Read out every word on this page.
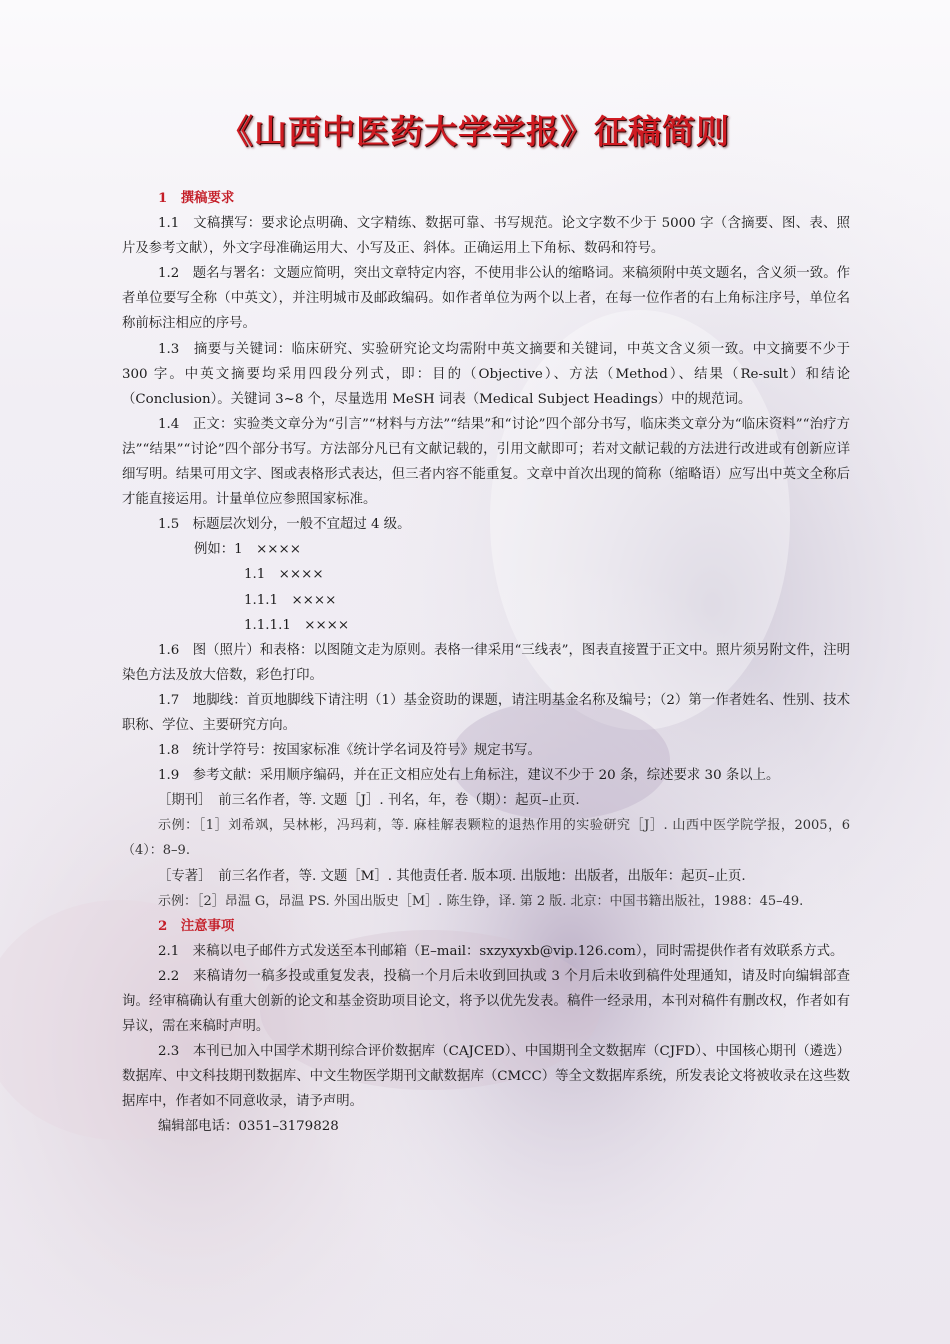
《山西中医药大学学报》征稿简则

1　撰稿要求

1.1　文稿撰写：要求论点明确、文字精练、数据可靠、书写规范。论文字数不少于 5000 字（含摘要、图、表、照片及参考文献），外文字母准确运用大、小写及正、斜体。正确运用上下角标、数码和符号。

1.2　题名与署名：文题应简明，突出文章特定内容，不使用非公认的缩略词。来稿须附中英文题名，含义须一致。作者单位要写全称（中英文），并注明城市及邮政编码。如作者单位为两个以上者，在每一位作者的右上角标注序号，单位名称前标注相应的序号。

1.3　摘要与关键词：临床研究、实验研究论文均需附中英文摘要和关键词，中英文含义须一致。中文摘要不少于 300 字。中英文摘要均采用四段分列式，即：目的（Objective）、方法（Method）、结果（Re-sult）和结论（Conclusion）。关键词 3~8 个，尽量选用 MeSH 词表（Medical Subject Headings）中的规范词。

1.4　正文：实验类文章分为“引言”“材料与方法”“结果”和“讨论”四个部分书写，临床类文章分为“临床资料”“治疗方法”“结果”“讨论”四个部分书写。方法部分凡已有文献记载的，引用文献即可；若对文献记载的方法进行改进或有创新应详细写明。结果可用文字、图或表格形式表达，但三者内容不能重复。文章中首次出现的简称（缩略语）应写出中英文全称后才能直接运用。计量单位应参照国家标准。

1.5　标题层次划分，一般不宜超过 4 级。

例如：1　××××

1.1　××××

1.1.1　××××

1.1.1.1　××××

1.6　图（照片）和表格：以图随文走为原则。表格一律采用“三线表”，图表直接置于正文中。照片须另附文件，注明染色方法及放大倍数，彩色打印。

1.7　地脚线：首页地脚线下请注明（1）基金资助的课题，请注明基金名称及编号；（2）第一作者姓名、性别、技术职称、学位、主要研究方向。

1.8　统计学符号：按国家标准《统计学名词及符号》规定书写。

1.9　参考文献：采用顺序编码，并在正文相应处右上角标注，建议不少于 20 条，综述要求 30 条以上。

［期刊］　前三名作者，等. 文题［J］. 刊名，年，卷（期）：起页–止页.

示例：［1］刘希飒，吴林彬，冯玛莉，等. 麻桂解表颗粒的退热作用的实验研究［J］. 山西中医学院学报，2005，6（4）：8–9.

［专著］　前三名作者，等. 文题［M］. 其他责任者. 版本项. 出版地：出版者，出版年：起页–止页.

示例：［2］昂温 G，昂温 PS. 外国出版史［M］. 陈生铮，译. 第 2 版. 北京：中国书籍出版社，1988：45–49.

2　注意事项

2.1　来稿以电子邮件方式发送至本刊邮箱（E–mail：sxzyxyxb@vip.126.com），同时需提供作者有效联系方式。

2.2　来稿请勿一稿多投或重复发表，投稿一个月后未收到回执或 3 个月后未收到稿件处理通知，请及时向编辑部查询。经审稿确认有重大创新的论文和基金资助项目论文，将予以优先发表。稿件一经录用，本刊对稿件有删改权，作者如有异议，需在来稿时声明。

2.3　本刊已加入中国学术期刊综合评价数据库（CAJCED）、中国期刊全文数据库（CJFD）、中国核心期刊（遴选）数据库、中文科技期刊数据库、中文生物医学期刊文献数据库（CMCC）等全文数据库系统，所发表论文将被收录在这些数据库中，作者如不同意收录，请予声明。

编辑部电话：0351–3179828
